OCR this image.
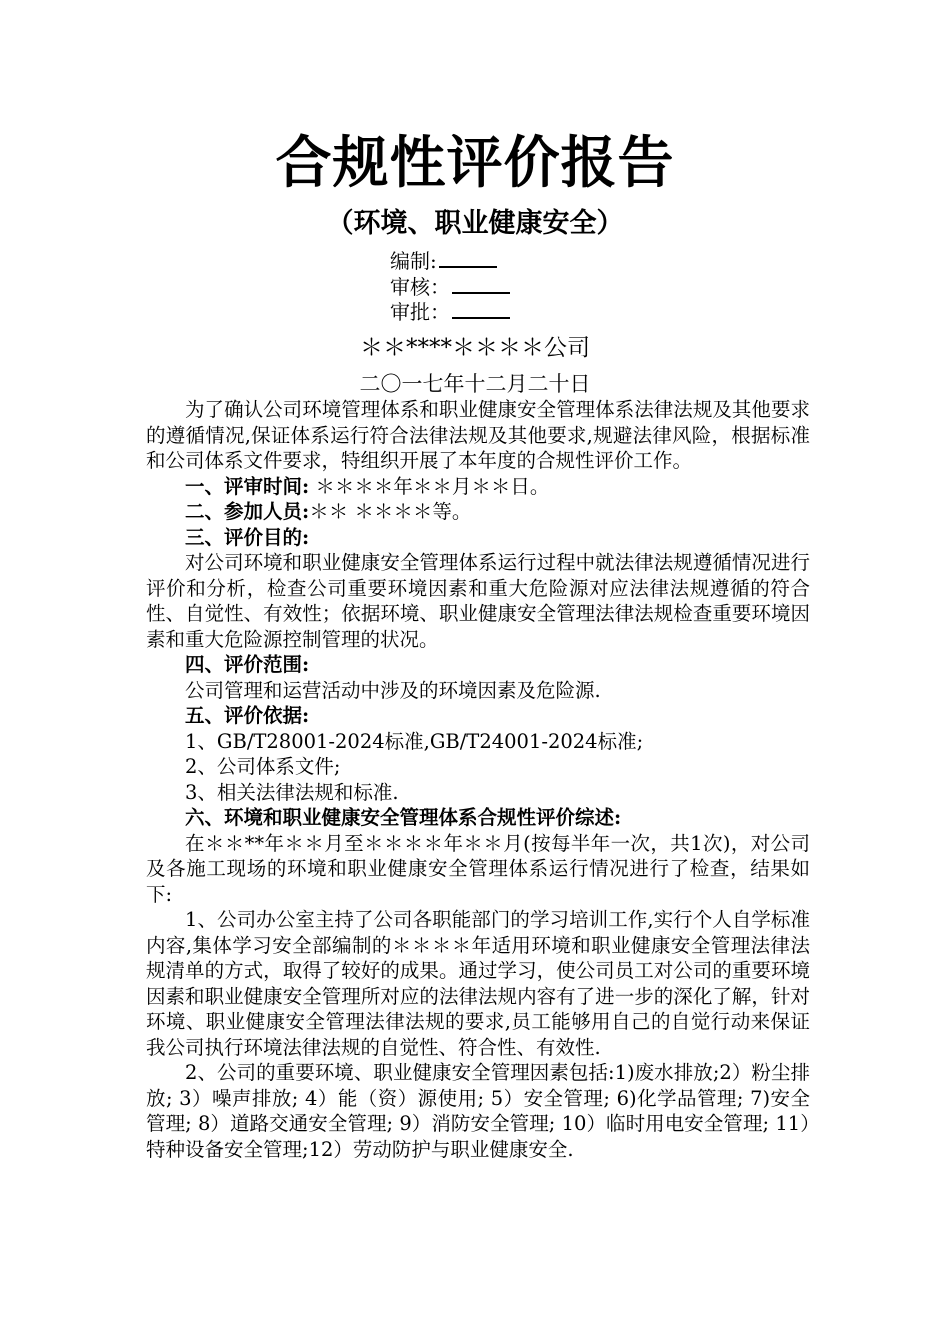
合规性评价报告
（环境、职业健康安全）
编制:
审核：
审批：
＊＊****＊＊＊＊公司
二〇一七年十二月二十日

为了确认公司环境管理体系和职业健康安全管理体系法律法规及其他要求的遵循情况,保证体系运行符合法律法规及其他要求,规避法律风险，根据标准和公司体系文件要求，特组织开展了本年度的合规性评价工作。

一、评审时间: ＊＊＊＊年＊＊月＊＊日。

二、参加人员:＊＊ ＊＊＊＊等。

三、评价目的:

对公司环境和职业健康安全管理体系运行过程中就法律法规遵循情况进行评价和分析，检查公司重要环境因素和重大危险源对应法律法规遵循的符合性、自觉性、有效性；依据环境、职业健康安全管理法律法规检查重要环境因素和重大危险源控制管理的状况。

四、评价范围:

公司管理和运营活动中涉及的环境因素及危险源.

五、评价依据:

1、GB/T28001-2024标准,GB/T24001-2024标准;

2、公司体系文件;

3、相关法律法规和标准.

六、环境和职业健康安全管理体系合规性评价综述:

在＊＊**年＊＊月至＊＊＊＊年＊＊月(按每半年一次，共1次)，对公司及各施工现场的环境和职业健康安全管理体系运行情况进行了检查，结果如下:

1、公司办公室主持了公司各职能部门的学习培训工作,实行个人自学标准内容,集体学习安全部编制的＊＊＊＊年适用环境和职业健康安全管理法律法规清单的方式，取得了较好的成果。通过学习，使公司员工对公司的重要环境因素和职业健康安全管理所对应的法律法规内容有了进一步的深化了解，针对环境、职业健康安全管理法律法规的要求,员工能够用自己的自觉行动来保证我公司执行环境法律法规的自觉性、符合性、有效性.

2、公司的重要环境、职业健康安全管理因素包括:1)废水排放;2）粉尘排放; 3）噪声排放; 4）能（资）源使用; 5）安全管理; 6)化学品管理; 7)安全管理; 8）道路交通安全管理; 9）消防安全管理; 10）临时用电安全管理; 11）特种设备安全管理;12）劳动防护与职业健康安全.
